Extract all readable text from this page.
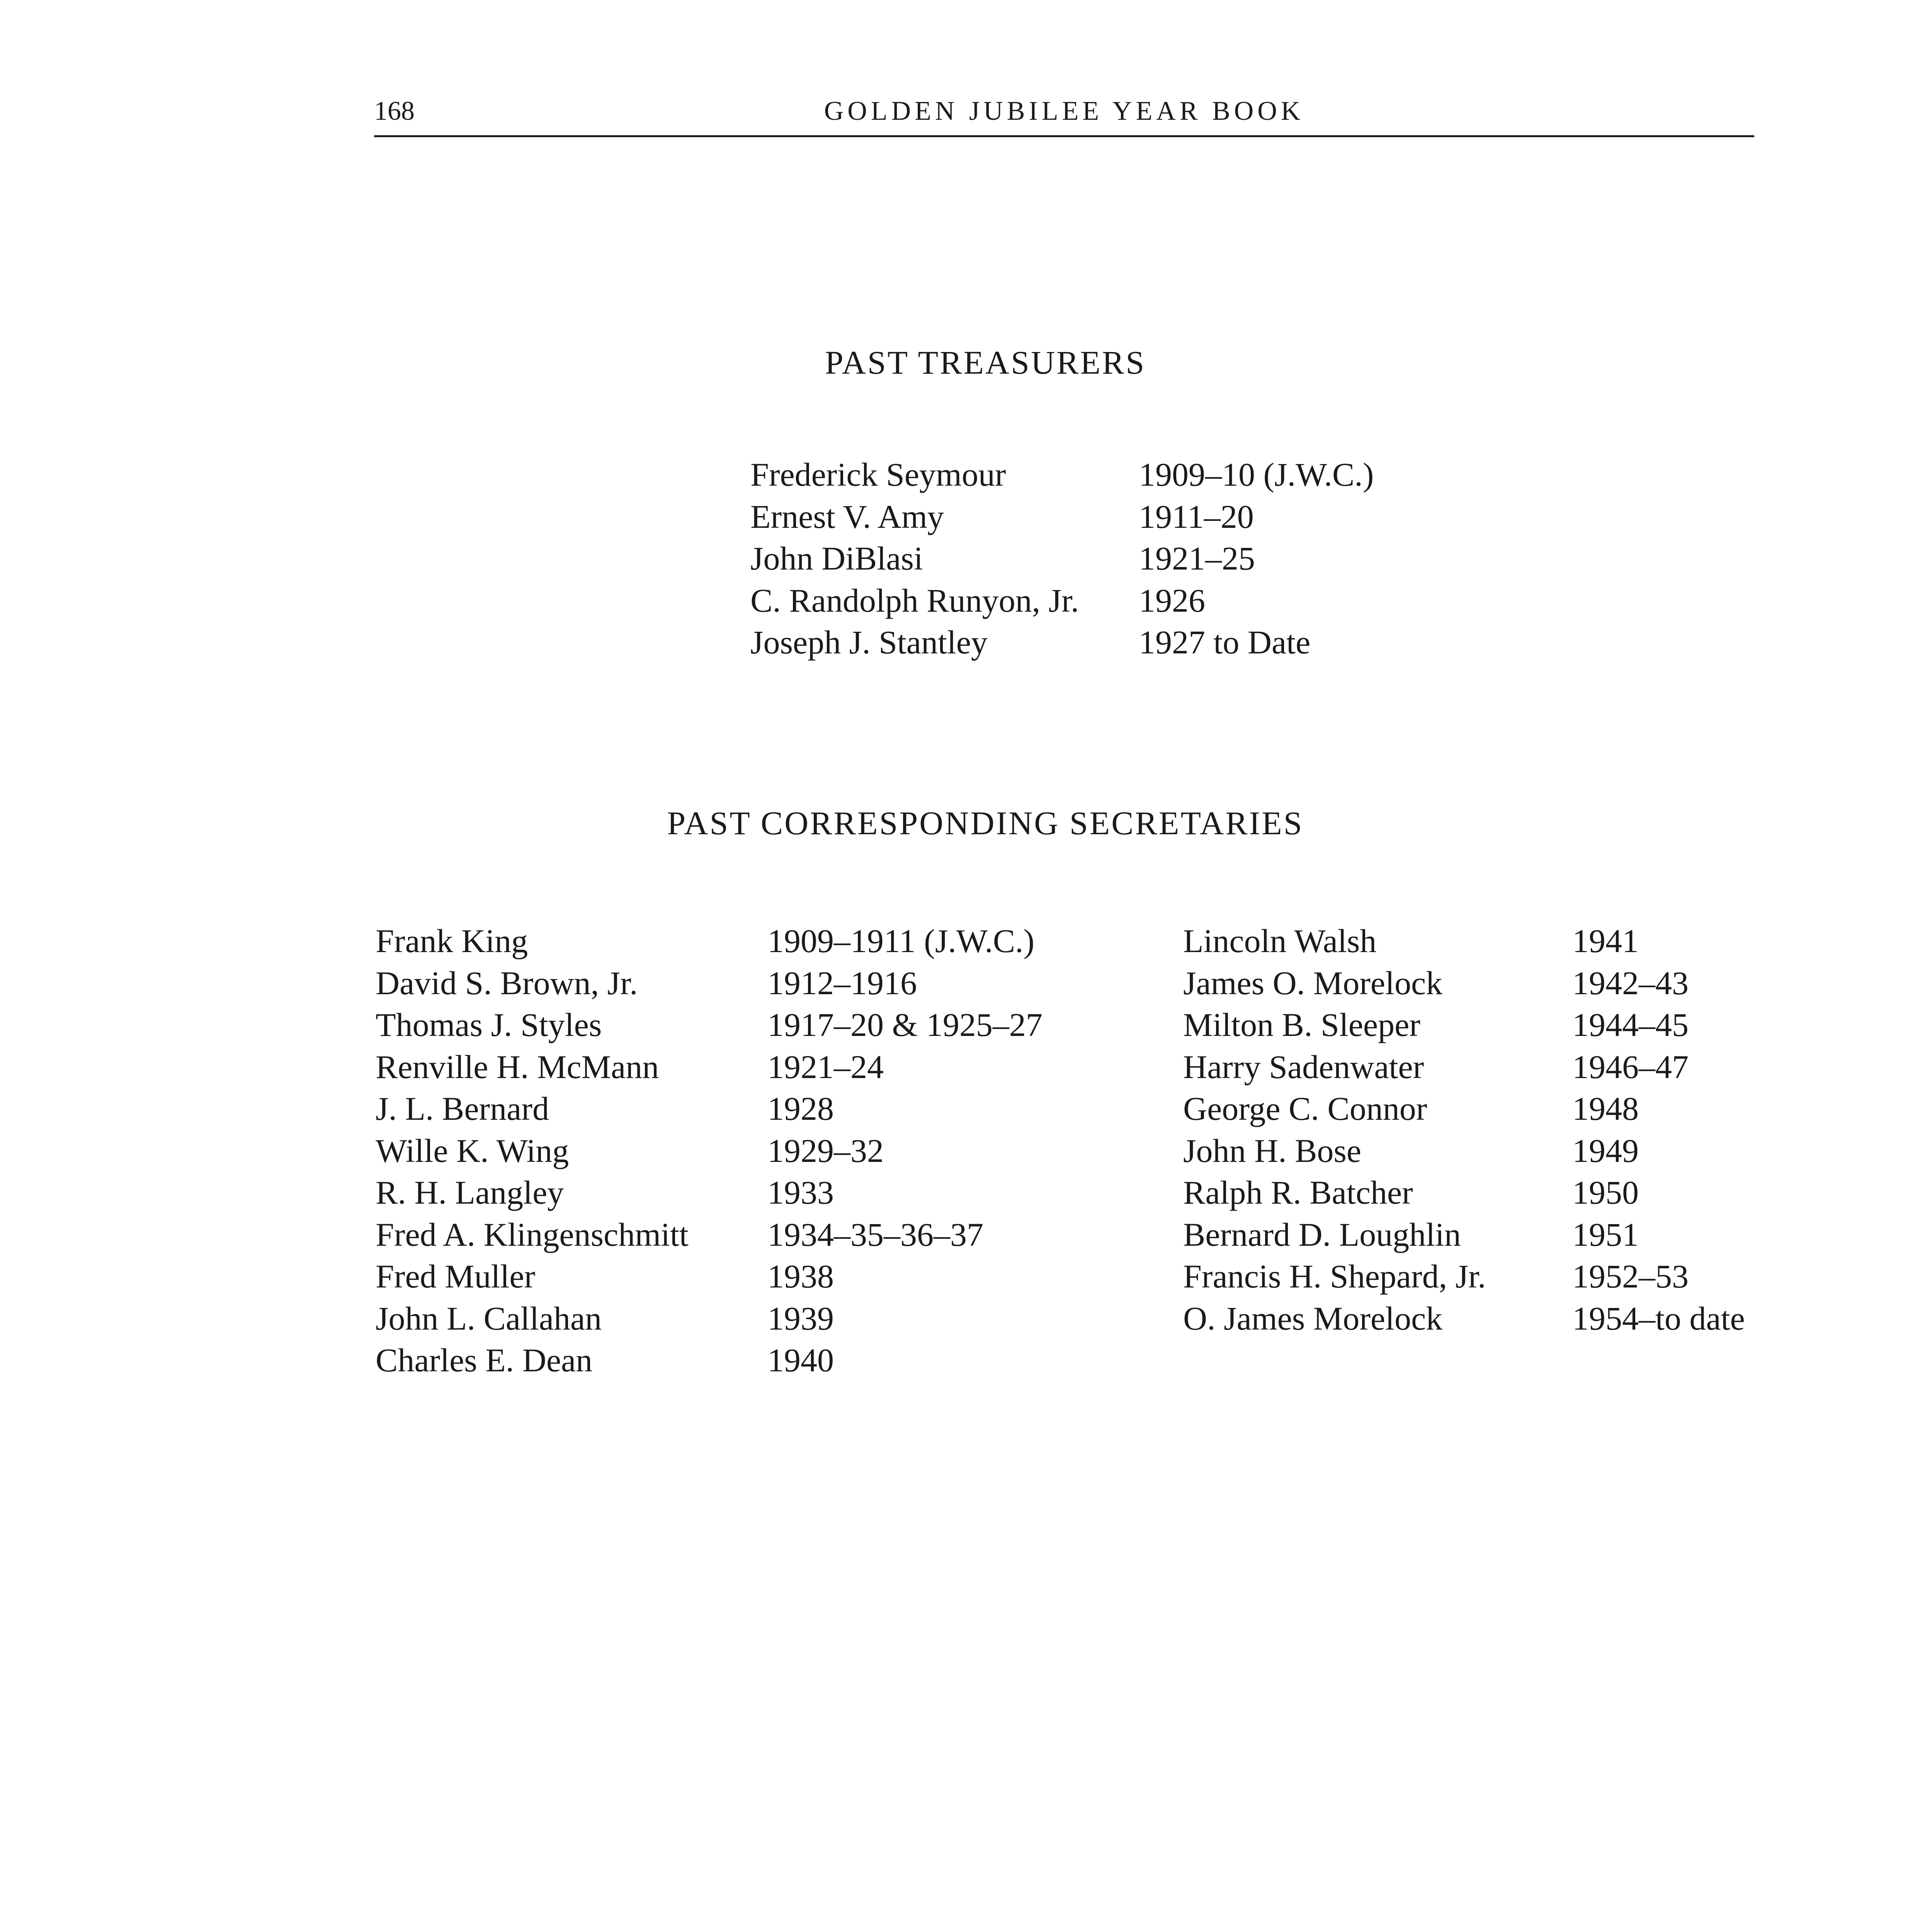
168	GOLDEN JUBILEE YEAR BOOK
PAST TREASURERS
Frederick Seymour	1909–10 (J.W.C.)
Ernest V. Amy	1911–20
John DiBlasi	1921–25
C. Randolph Runyon, Jr. 1926
Joseph J. Stantley	1927 to Date
PAST CORRESPONDING SECRETARIES
Frank King	1909–1911 (J.W.C.)
David S. Brown, Jr.	1912–1916
Thomas J. Styles	1917–20 & 1925–27
Renville H. McMann	1921–24
J. L. Bernard	1928
Wille K. Wing	1929–32
R. H. Langley	1933
Fred A. Klingenschmitt 1934–35–36–37
Fred Muller	1938
John L. Callahan	1939
Charles E. Dean	1940
Lincoln Walsh	1941
James O. Morelock	1942–43
Milton B. Sleeper	1944–45
Harry Sadenwater	1946–47
George C. Connor	1948
John H. Bose	1949
Ralph R. Batcher	1950
Bernard D. Loughlin	1951
Francis H. Shepard, Jr.	1952–53
O. James Morelock	1954–to date
